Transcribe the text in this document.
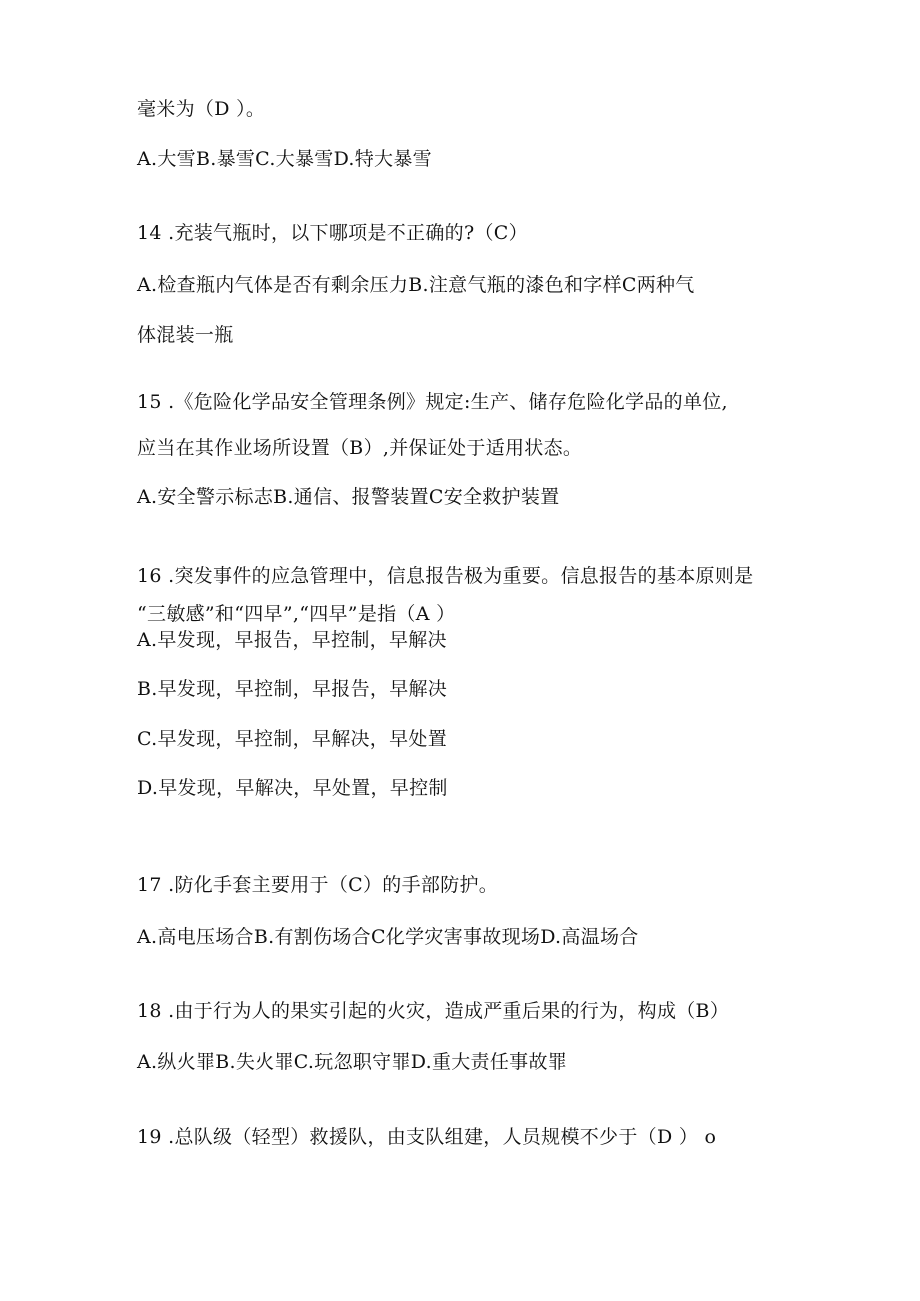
毫米为（D ）。
A.大雪B.暴雪C.大暴雪D.特大暴雪
14 .充装气瓶时，以下哪项是不正确的?（C）
A.检查瓶内气体是否有剩余压力B.注意气瓶的漆色和字样C两种气
体混装一瓶
15 .《危险化学品安全管理条例》规定:生产、储存危险化学品的单位,
应当在其作业场所设置（B）,并保证处于适用状态。
A.安全警示标志B.通信、报警装置C安全救护装置
16 .突发事件的应急管理中，信息报告极为重要。信息报告的基本原则是
“三敏感”和“四早”,“四早”是指（A ）
A.早发现，早报告，早控制，早解决
B.早发现，早控制，早报告，早解决
C.早发现，早控制，早解决，早处置
D.早发现，早解决，早处置，早控制
17 .防化手套主要用于（C）的手部防护。
A.高电压场合B.有割伤场合C化学灾害事故现场D.高温场合
18 .由于行为人的果实引起的火灾，造成严重后果的行为，构成（B）
A.纵火罪B.失火罪C.玩忽职守罪D.重大责任事故罪
19 .总队级（轻型）救援队，由支队组建，人员规模不少于（D ） o
